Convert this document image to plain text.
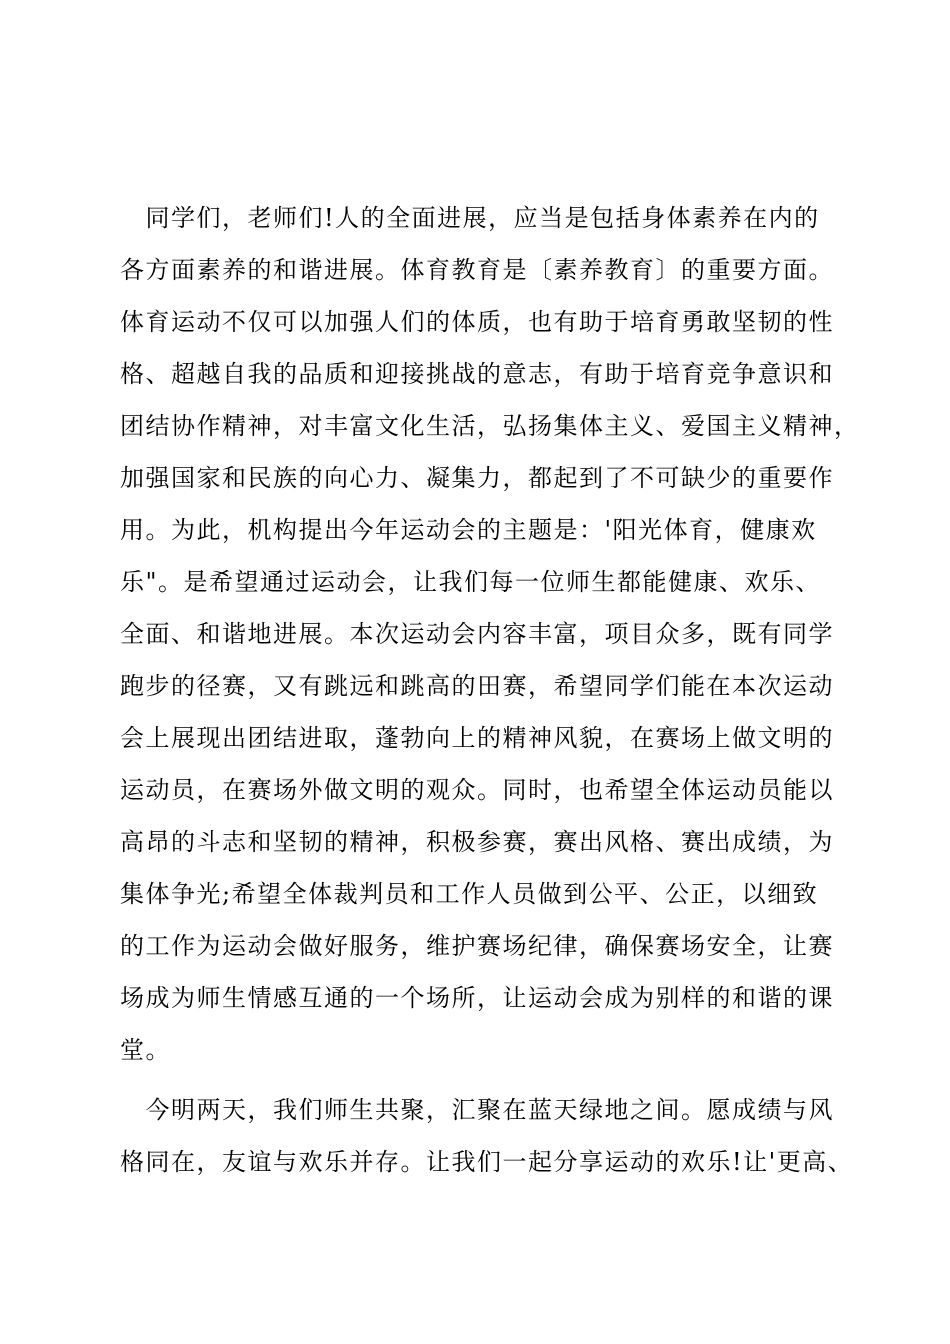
　同学们，老师们!人的全面进展，应当是包括身体素养在内的
各方面素养的和谐进展。体育教育是〔素养教育〕的重要方面。
体育运动不仅可以加强人们的体质，也有助于培育勇敢坚韧的性
格、超越自我的品质和迎接挑战的意志，有助于培育竞争意识和
团结协作精神，对丰富文化生活，弘扬集体主义、爱国主义精神，
加强国家和民族的向心力、凝集力，都起到了不可缺少的重要作
用。为此，机构提出今年运动会的主题是：'阳光体育，健康欢
乐"。是希望通过运动会，让我们每一位师生都能健康、欢乐、
全面、和谐地进展。本次运动会内容丰富，项目众多，既有同学
跑步的径赛，又有跳远和跳高的田赛，希望同学们能在本次运动
会上展现出团结进取，蓬勃向上的精神风貌，在赛场上做文明的
运动员，在赛场外做文明的观众。同时，也希望全体运动员能以
高昂的斗志和坚韧的精神，积极参赛，赛出风格、赛出成绩，为
集体争光;希望全体裁判员和工作人员做到公平、公正，以细致
的工作为运动会做好服务，维护赛场纪律，确保赛场安全，让赛
场成为师生情感互通的一个场所，让运动会成为别样的和谐的课
堂。
　今明两天，我们师生共聚，汇聚在蓝天绿地之间。愿成绩与风
格同在，友谊与欢乐并存。让我们一起分享运动的欢乐!让'更高、
